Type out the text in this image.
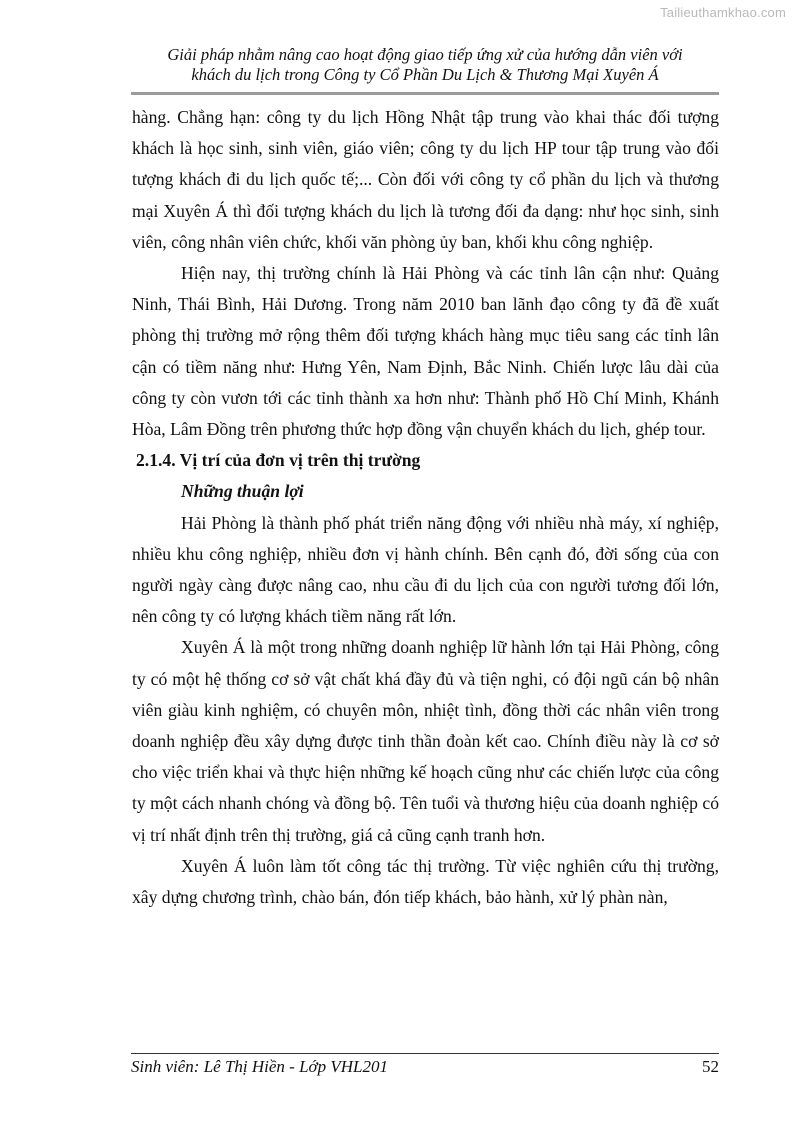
Tailieuthamkhao.com
Giải pháp nhằm nâng cao hoạt động giao tiếp ứng xử của hướng dẫn viên với
khách du lịch trong Công ty Cổ Phần Du Lịch & Thương Mại Xuyên Á

hàng. Chẳng hạn: công ty du lịch Hồng Nhật tập trung vào khai thác đối tượng khách là học sinh, sinh viên, giáo viên; công ty du lịch HP tour tập trung vào đối tượng khách đi du lịch quốc tế;... Còn đối với công ty cổ phần du lịch và thương mại Xuyên Á thì đối tượng khách du lịch là tương đối đa dạng: như học sinh, sinh viên, công nhân viên chức, khối văn phòng ủy ban, khối khu công nghiệp.

Hiện nay, thị trường chính là Hải Phòng và các tỉnh lân cận như: Quảng Ninh, Thái Bình, Hải Dương. Trong năm 2010 ban lãnh đạo công ty đã đề xuất phòng thị trường mở rộng thêm đối tượng khách hàng mục tiêu sang các tỉnh lân cận có tiềm năng như: Hưng Yên, Nam Định, Bắc Ninh. Chiến lược lâu dài của công ty còn vươn tới các tỉnh thành xa hơn như: Thành phố Hồ Chí Minh, Khánh Hòa, Lâm Đồng trên phương thức hợp đồng vận chuyển khách du lịch, ghép tour.

2.1.4. Vị trí của đơn vị trên thị trường

Những thuận lợi

Hải Phòng là thành phố phát triển năng động với nhiều nhà máy, xí nghiệp, nhiều khu công nghiệp, nhiều đơn vị hành chính. Bên cạnh đó, đời sống của con người ngày càng được nâng cao, nhu cầu đi du lịch của con người tương đối lớn, nên công ty có lượng khách tiềm năng rất lớn.

Xuyên Á là một trong những doanh nghiệp lữ hành lớn tại Hải Phòng, công ty có một hệ thống cơ sở vật chất khá đầy đủ và tiện nghi, có đội ngũ cán bộ nhân viên giàu kinh nghiệm, có chuyên môn, nhiệt tình, đồng thời các nhân viên trong doanh nghiệp đều xây dựng được tinh thần đoàn kết cao. Chính điều này là cơ sở cho việc triển khai và thực hiện những kế hoạch cũng như các chiến lược của công ty một cách nhanh chóng và đồng bộ. Tên tuổi và thương hiệu của doanh nghiệp có vị trí nhất định trên thị trường, giá cả cũng cạnh tranh hơn.

Xuyên Á luôn làm tốt công tác thị trường. Từ việc nghiên cứu thị trường, xây dựng chương trình, chào bán, đón tiếp khách, bảo hành, xử lý phàn nàn,

Sinh viên: Lê Thị Hiền - Lớp VHL201	52
